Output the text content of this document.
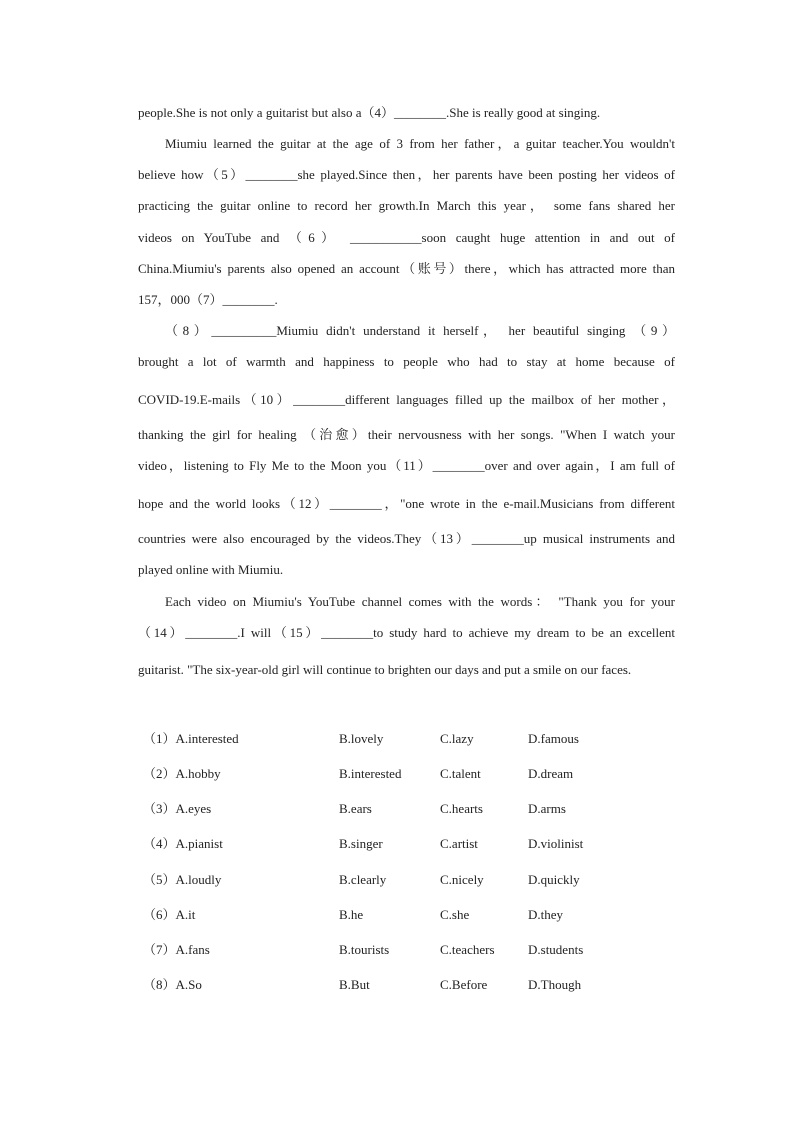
people.She is not only a guitarist but also a（4）________.She is really good at singing.
Miumiu learned the guitar at the age of 3 from her father，a guitar teacher.You wouldn't
believe how（5）________she played.Since then，her parents have been posting her videos of
practicing the guitar online to record her growth.In March this year， some fans shared her
videos on YouTube and （6） ___________soon caught huge attention in and out of
China.Miumiu's parents also opened an account（账号）there，which has attracted more than
157，000（7）________.
（8）__________Miumiu didn't understand it herself， her beautiful singing （9）
brought a lot of warmth and happiness to people who had to stay at home because of
COVID-19.E-mails（10）________different languages filled up the mailbox of her mother，
thanking the girl for healing （治愈）their nervousness with her songs. "When I watch your
video，listening to Fly Me to the Moon you（11）________over and over again，I am full of
hope and the world looks（12）________，"one wrote in the e-mail.Musicians from different
countries were also encouraged by the videos.They（13）________up musical instruments and
played online with Miumiu.
Each video on Miumiu's YouTube channel comes with the words： "Thank you for your
（14）________.I will（15）________to study hard to achieve my dream to be an excellent
guitarist. "The six-year-old girl will continue to brighten our days and put a smile on our faces.
（1）A.interested	B.lovely	C.lazy	D.famous
（2）A.hobby	B.interested	C.talent	D.dream
（3）A.eyes	B.ears	C.hearts	D.arms
（4）A.pianist	B.singer	C.artist	D.violinist
（5）A.loudly	B.clearly	C.nicely	D.quickly
（6）A.it	B.he	C.she	D.they
（7）A.fans	B.tourists	C.teachers	D.students
（8）A.So	B.But	C.Before	D.Though
